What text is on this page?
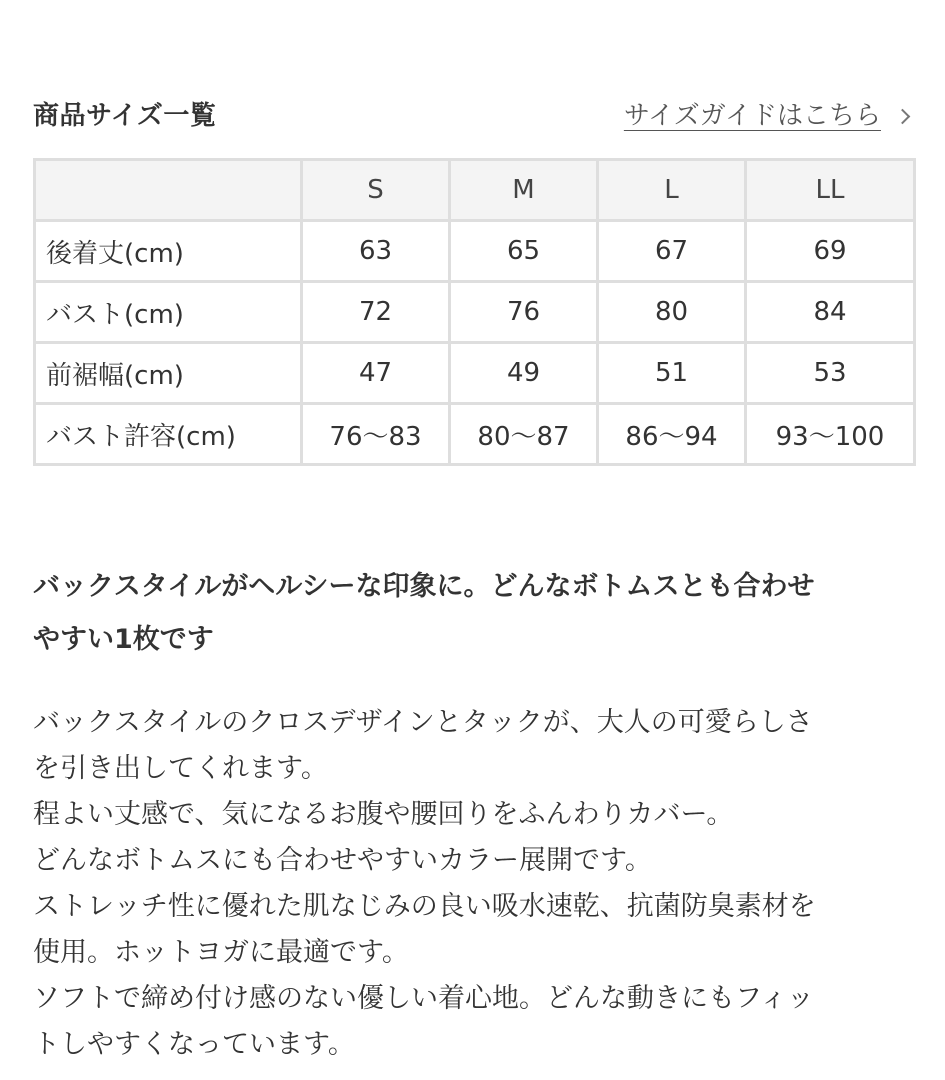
商品サイズ一覧	サイズガイドはこちら
	S	M	L	LL
後着丈(cm)	63	65	67	69
バスト(cm)	72	76	80	84
前裾幅(cm)	47	49	51	53
バスト許容(cm)	76〜83	80〜87	86〜94	93〜100
バックスタイルがヘルシーな印象に。どんなボトムスとも合わせ
やすい1枚です
バックスタイルのクロスデザインとタックが、大人の可愛らしさ
を引き出してくれます。
程よい丈感で、気になるお腹や腰回りをふんわりカバー。
どんなボトムスにも合わせやすいカラー展開です。
ストレッチ性に優れた肌なじみの良い吸水速乾、抗菌防臭素材を
使用。ホットヨガに最適です。
ソフトで締め付け感のない優しい着心地。どんな動きにもフィッ
トしやすくなっています。
